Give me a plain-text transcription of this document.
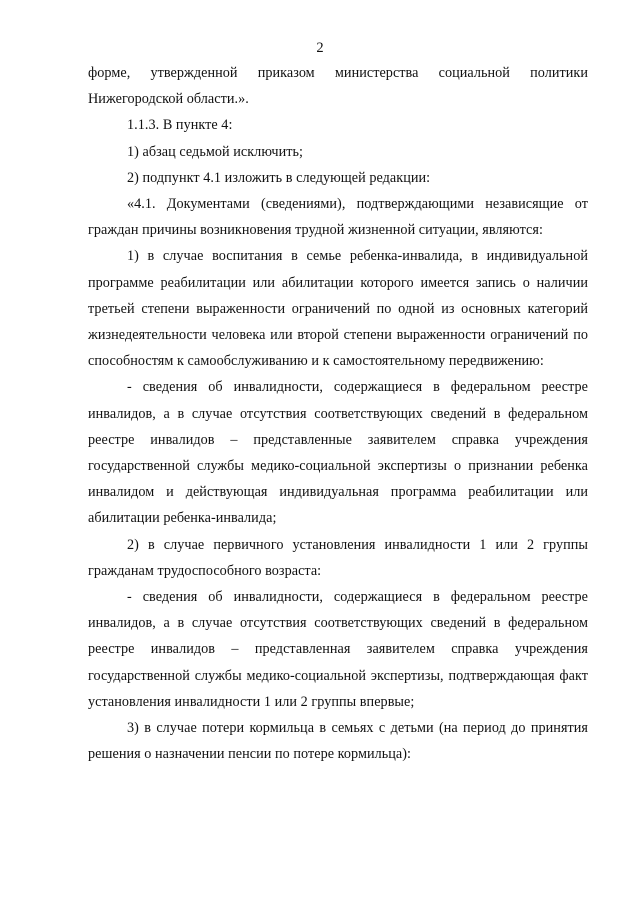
2

форме, утвержденной приказом министерства социальной политики Нижегородской области.».

1.1.3. В пункте 4:

1) абзац седьмой исключить;

2) подпункт 4.1 изложить в следующей редакции:

«4.1. Документами (сведениями), подтверждающими независящие от граждан причины возникновения трудной жизненной ситуации, являются:

1) в случае воспитания в семье ребенка-инвалида, в индивидуальной программе реабилитации или абилитации которого имеется запись о наличии третьей степени выраженности ограничений по одной из основных категорий жизнедеятельности человека или второй степени выраженности ограничений по способностям к самообслуживанию и к самостоятельному передвижению:

- сведения об инвалидности, содержащиеся в федеральном реестре инвалидов, а в случае отсутствия соответствующих сведений в федеральном реестре инвалидов – представленные заявителем справка учреждения государственной службы медико-социальной экспертизы о признании ребенка инвалидом и действующая индивидуальная программа реабилитации или абилитации ребенка-инвалида;

2) в случае первичного установления инвалидности 1 или 2 группы гражданам трудоспособного возраста:

- сведения об инвалидности, содержащиеся в федеральном реестре инвалидов, а в случае отсутствия соответствующих сведений в федеральном реестре инвалидов – представленная заявителем справка учреждения государственной службы медико-социальной экспертизы, подтверждающая факт установления инвалидности 1 или 2 группы впервые;

3) в случае потери кормильца в семьях с детьми (на период до принятия решения о назначении пенсии по потере кормильца):
